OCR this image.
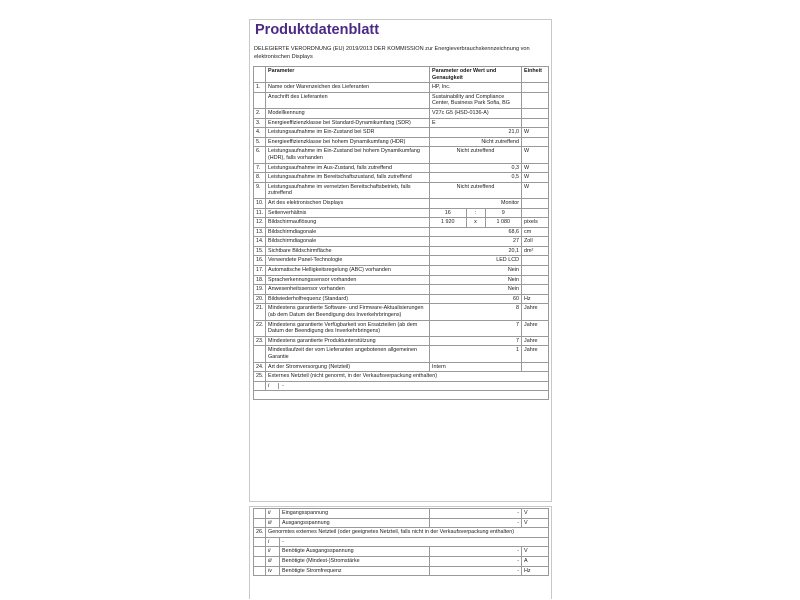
Produktdatenblatt
DELEGIERTE VERORDNUNG (EU) 2019/2013 DER KOMMISSION zur Energieverbrauchskennzeichnung von elektronischen Displays
	Parameter	Parameter oder Wert und Genauigkeit	Einheit
1.	Name oder Warenzeichen des Lieferanten	HP, Inc.	
	Anschrift des Lieferanten	Sustainability and Compliance Center, Business Park Sofia, BG	
2.	Modellkennung	V27c G5 (HSD-0136-A)	
3.	Energieeffizienzklasse bei Standard-Dynamikumfang (SDR)	E	
4.	Leistungsaufnahme im Ein-Zustand bei SDR	21,0	W
5.	Energieeffizienzklasse bei hohem Dynamikumfang (HDR)	Nicht zutreffend	
6.	Leistungsaufnahme im Ein-Zustand bei hohem Dynamikumfang (HDR), falls vorhanden	Nicht zutreffend	W
7.	Leistungsaufnahme im Aus-Zustand, falls zutreffend	0,3	W
8.	Leistungsaufnahme im Bereitschaftszustand, falls zutreffend	0,5	W
9.	Leistungsaufnahme im vernetzten Bereitschaftsbetrieb, falls zutreffend	Nicht zutreffend	W
10.	Art des elektronischen Displays	Monitor	
11.	Seitenverhältnis	16 : 9	

12.	Bildschirmauflösung	1 920 x 1 080	pixels
13.	Bildschirmdiagonale	68,6	cm
14.	Bildschirmdiagonale	27	Zoll
15.	Sichtbare Bildschirmfläche	20,1	dm²
16.	Verwendete Panel-Technologie	LED LCD	
17.	Automatische Helligkeitsregelung (ABC) vorhanden	Nein	
18.	Spracherkennungssensor vorhanden	Nein	
19.	Anwesenheitssensor vorhanden	Nein	
20.	Bildwiederholfrequenz (Standard)	60	Hz
21.	Mindestens garantierte Software- und Firmware-Aktualisierungen (ab dem Datum der Beendigung des Inverkehrbringens)	8	Jahre
22.	Mindestens garantierte Verfügbarkeit von Ersatzteilen (ab dem Datum der Beendigung des Inverkehrbringens)	7	Jahre
23.	Mindestens garantierte Produktunterstützung	7	Jahre
	Mindestlaufzeit der vom Lieferanten angebotenen allgemeinen Garantie	1	Jahre
24.	Art der Stromversorgung (Netzteil)	Intern	
25.	Externes Netzteil (nicht genormt, in der Verkaufsverpackung enthalten)		
	i -		

	ii	Eingangsspannung	-	V
	iii	Ausgangsspannung	-	V
26.	Genormtes externes Netzteil (oder geeignetes Netzteil, falls nicht in der Verkaufsverpackung enthalten)			
	i	-		
	ii	Benötigte Ausgangsspannung	-	V
	iii	Benötigte (Mindest-)Stromstärke	-	A
	iv	Benötigte Stromfrequenz	-	Hz
